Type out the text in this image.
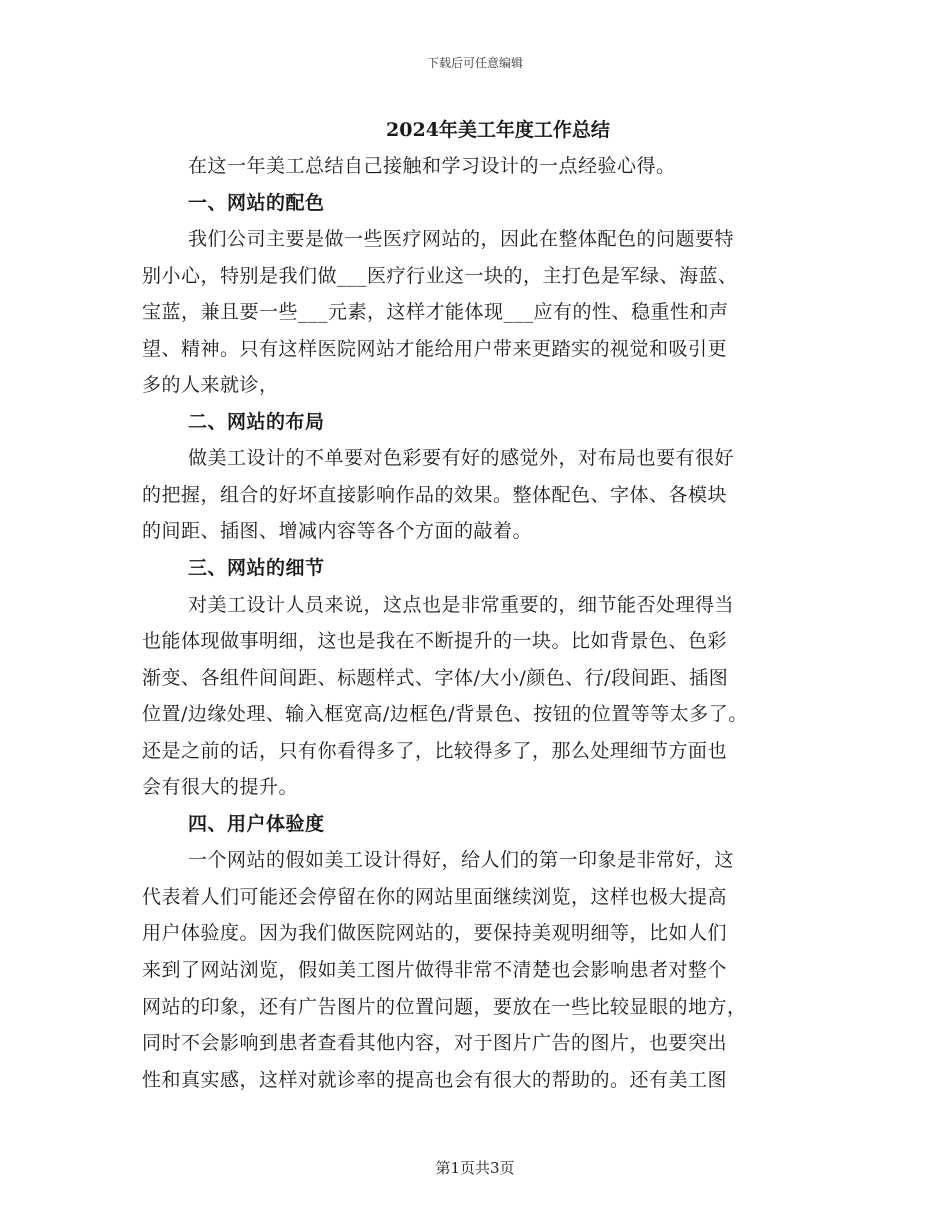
下载后可任意编辑
2024年美工年度工作总结
在这一年美工总结自己接触和学习设计的一点经验心得。
一、网站的配色
我们公司主要是做一些医疗网站的，因此在整体配色的问题要特
别小心，特别是我们做___医疗行业这一块的，主打色是军绿、海蓝、
宝蓝，兼且要一些___元素，这样才能体现___应有的性、稳重性和声
望、精神。只有这样医院网站才能给用户带来更踏实的视觉和吸引更
多的人来就诊，
二、网站的布局
做美工设计的不单要对色彩要有好的感觉外，对布局也要有很好
的把握，组合的好坏直接影响作品的效果。整体配色、字体、各模块
的间距、插图、增减内容等各个方面的敲着。
三、网站的细节
对美工设计人员来说，这点也是非常重要的，细节能否处理得当
也能体现做事明细，这也是我在不断提升的一块。比如背景色、色彩
渐变、各组件间间距、标题样式、字体/大小/颜色、行/段间距、插图
位置/边缘处理、输入框宽高/边框色/背景色、按钮的位置等等太多了。
还是之前的话，只有你看得多了，比较得多了，那么处理细节方面也
会有很大的提升。
四、用户体验度
一个网站的假如美工设计得好，给人们的第一印象是非常好，这
代表着人们可能还会停留在你的网站里面继续浏览，这样也极大提高
用户体验度。因为我们做医院网站的，要保持美观明细等，比如人们
来到了网站浏览，假如美工图片做得非常不清楚也会影响患者对整个
网站的印象，还有广告图片的位置问题，要放在一些比较显眼的地方，
同时不会影响到患者查看其他内容，对于图片广告的图片，也要突出
性和真实感，这样对就诊率的提高也会有很大的帮助的。还有美工图
第1页共3页
